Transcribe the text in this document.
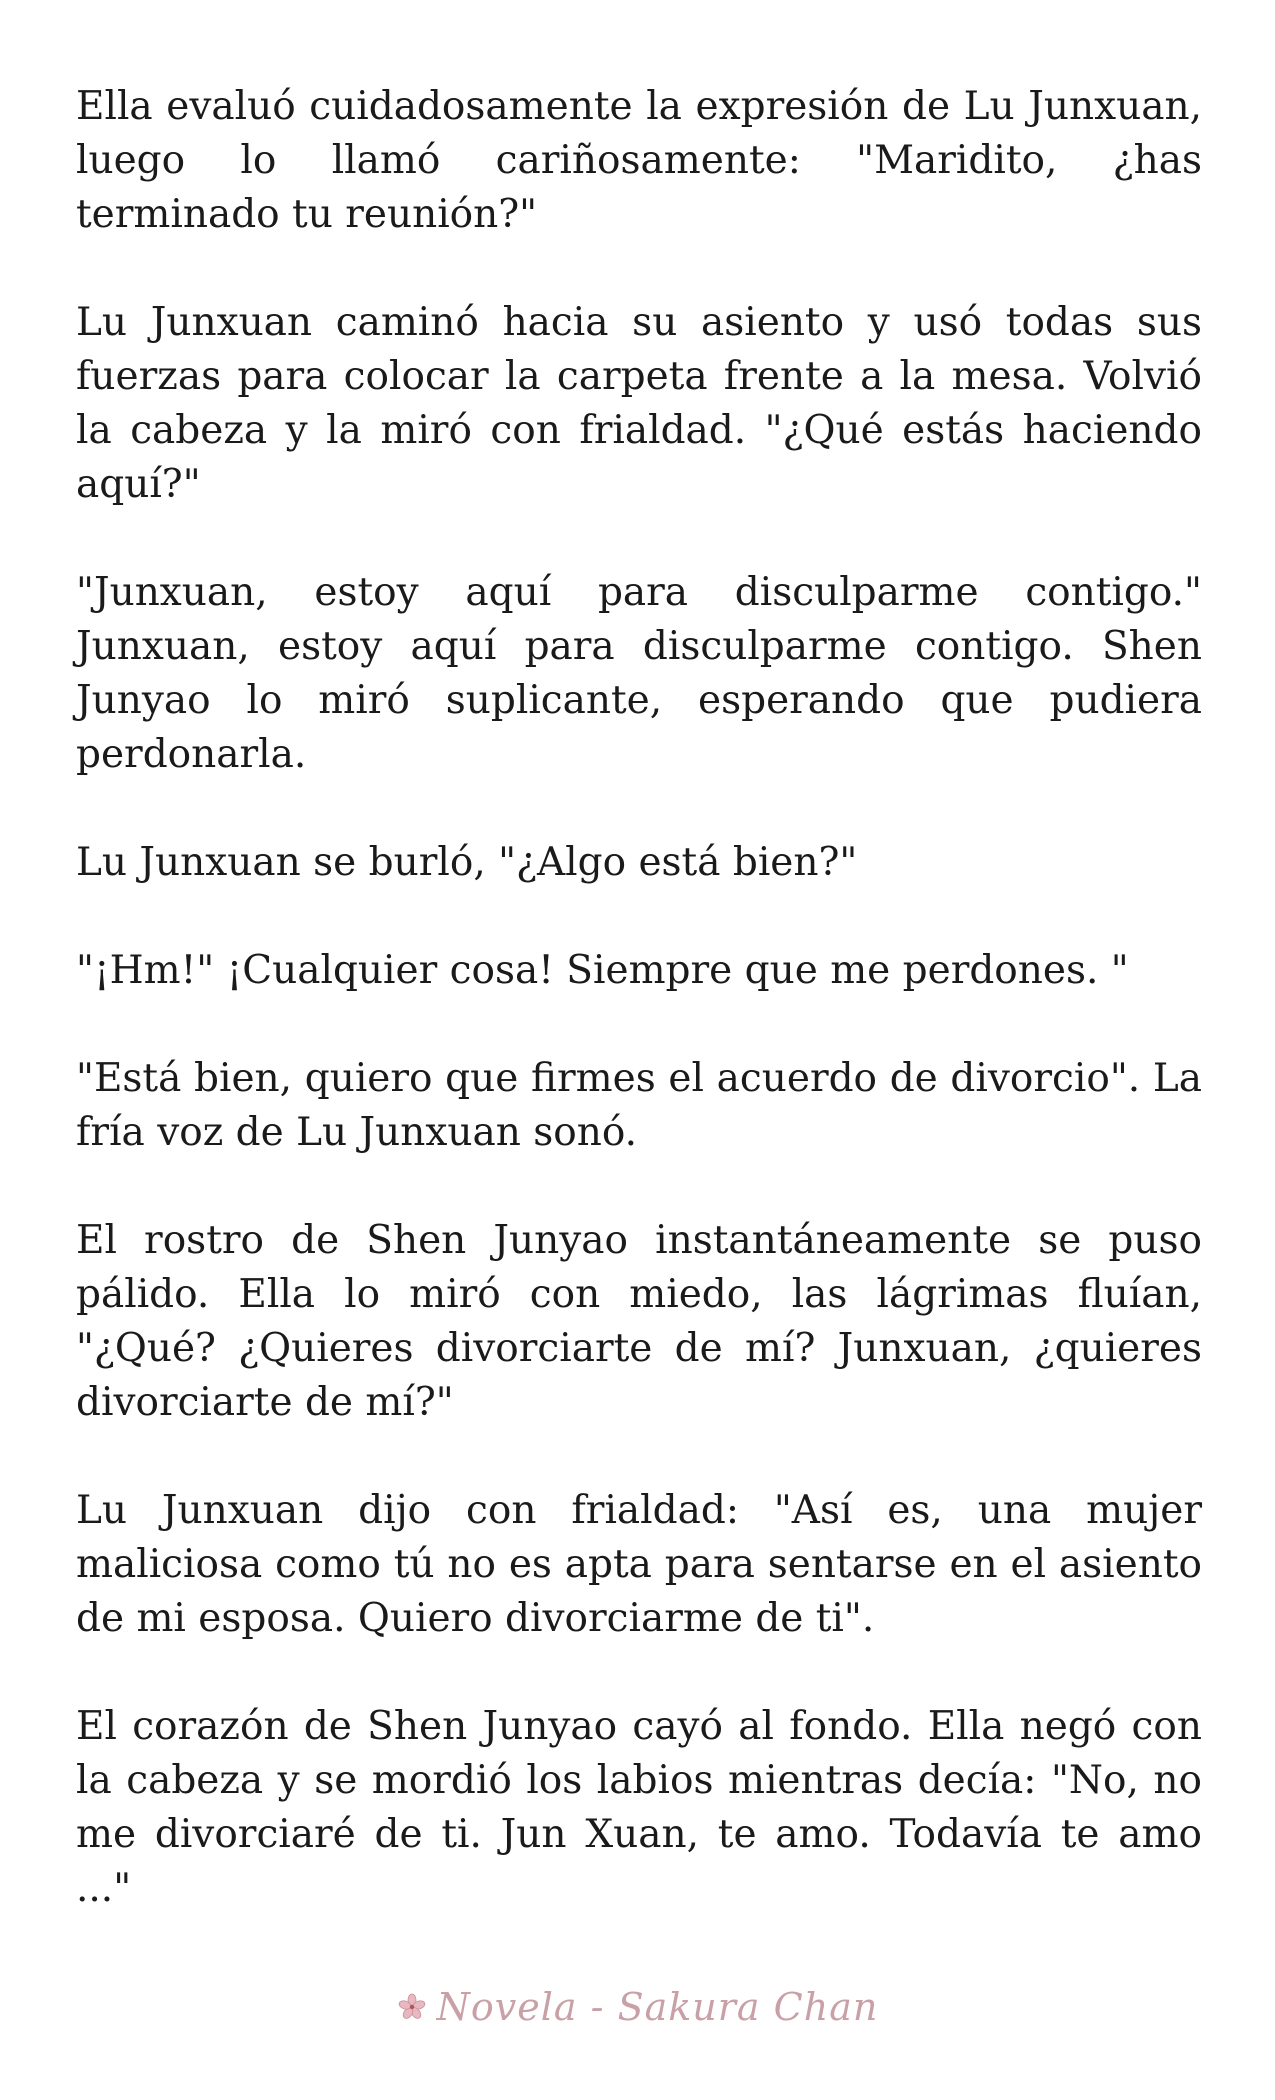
Ella evaluó cuidadosamente la expresión de Lu Junxuan, luego lo llamó cariñosamente: "Maridito, ¿has terminado tu reunión?"

Lu Junxuan caminó hacia su asiento y usó todas sus fuerzas para colocar la carpeta frente a la mesa. Volvió la cabeza y la miró con frialdad. "¿Qué estás haciendo aquí?"

"Junxuan, estoy aquí para disculparme contigo." Junxuan, estoy aquí para disculparme contigo. Shen Junyao lo miró suplicante, esperando que pudiera perdonarla.

Lu Junxuan se burló, "¿Algo está bien?"

"¡Hm!" ¡Cualquier cosa! Siempre que me perdones. "

"Está bien, quiero que firmes el acuerdo de divorcio". La fría voz de Lu Junxuan sonó.

El rostro de Shen Junyao instantáneamente se puso pálido. Ella lo miró con miedo, las lágrimas fluían, "¿Qué? ¿Quieres divorciarte de mí? Junxuan, ¿quieres divorciarte de mí?"

Lu Junxuan dijo con frialdad: "Así es, una mujer maliciosa como tú no es apta para sentarse en el asiento de mi esposa. Quiero divorciarme de ti".

El corazón de Shen Junyao cayó al fondo. Ella negó con la cabeza y se mordió los labios mientras decía: "No, no me divorciaré de ti. Jun Xuan, te amo. Todavía te amo ..."

Novela - Sakura Chan
